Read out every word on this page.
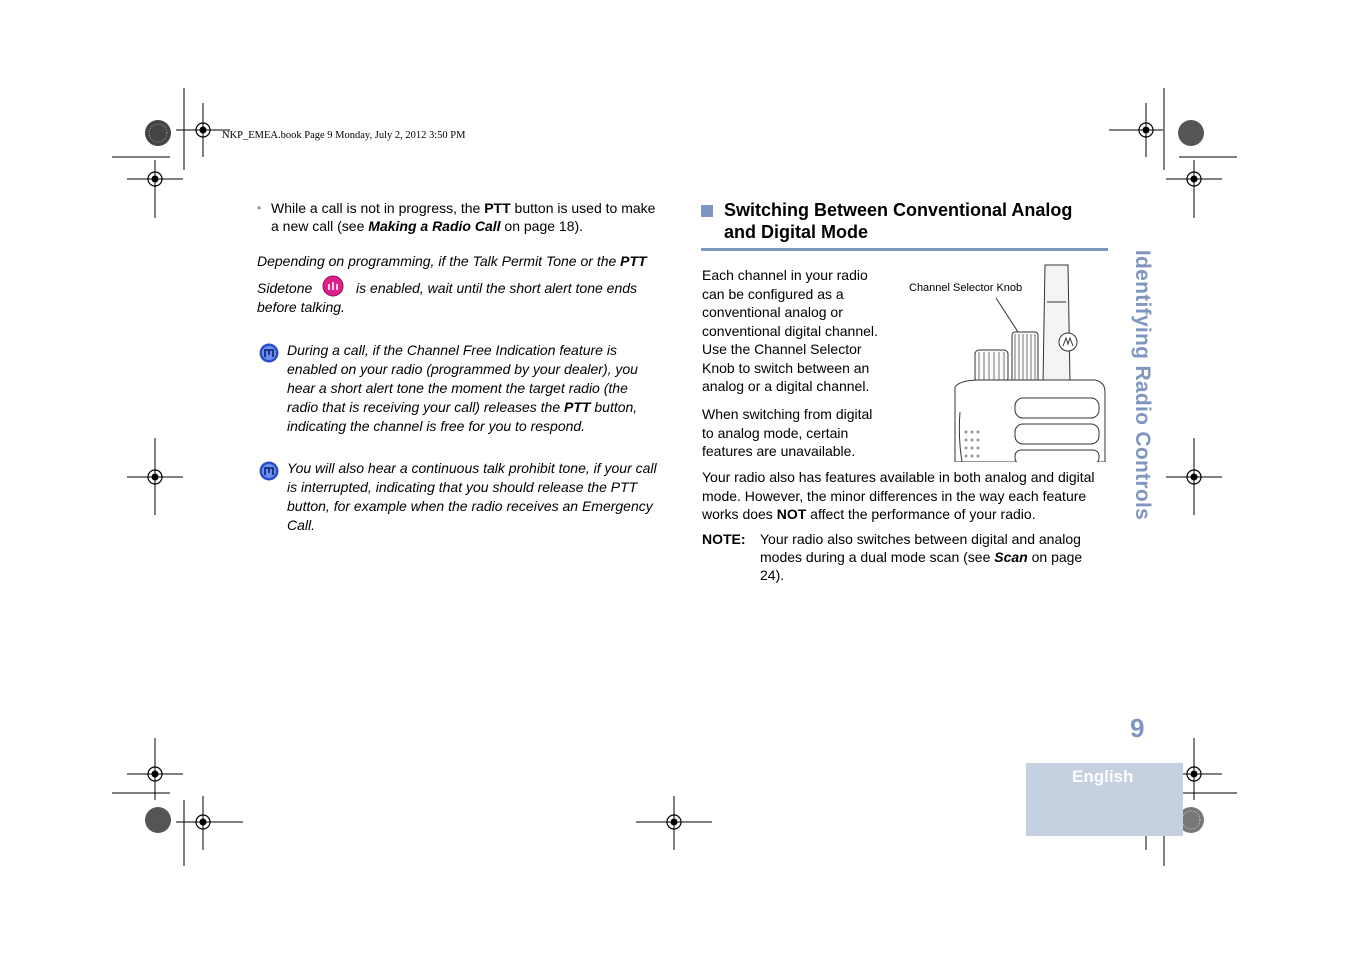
NKP_EMEA.book Page 9 Monday, July 2, 2012 3:50 PM
• While a call is not in progress, the PTT button is used to make a new call (see Making a Radio Call on page 18).
Depending on programming, if the Talk Permit Tone or the PTT
Sidetone	is enabled, wait until the short alert tone ends before talking.
During a call, if the Channel Free Indication feature is enabled on your radio (programmed by your dealer), you hear a short alert tone the moment the target radio (the radio that is receiving your call) releases the PTT button, indicating the channel is free for you to respond.
You will also hear a continuous talk prohibit tone, if your call is interrupted, indicating that you should release the PTT button, for example when the radio receives an Emergency Call.
Switching Between Conventional Analog and Digital Mode
Each channel in your radio can be configured as a conventional analog or conventional digital channel. Use the Channel Selector Knob to switch between an analog or a digital channel.
When switching from digital to analog mode, certain features are unavailable.
Channel Selector Knob
Your radio also has features available in both analog and digital mode. However, the minor differences in the way each feature works does NOT affect the performance of your radio.
NOTE:	Your radio also switches between digital and analog modes during a dual mode scan (see Scan on page 24).
Identifying Radio Controls
9
English
